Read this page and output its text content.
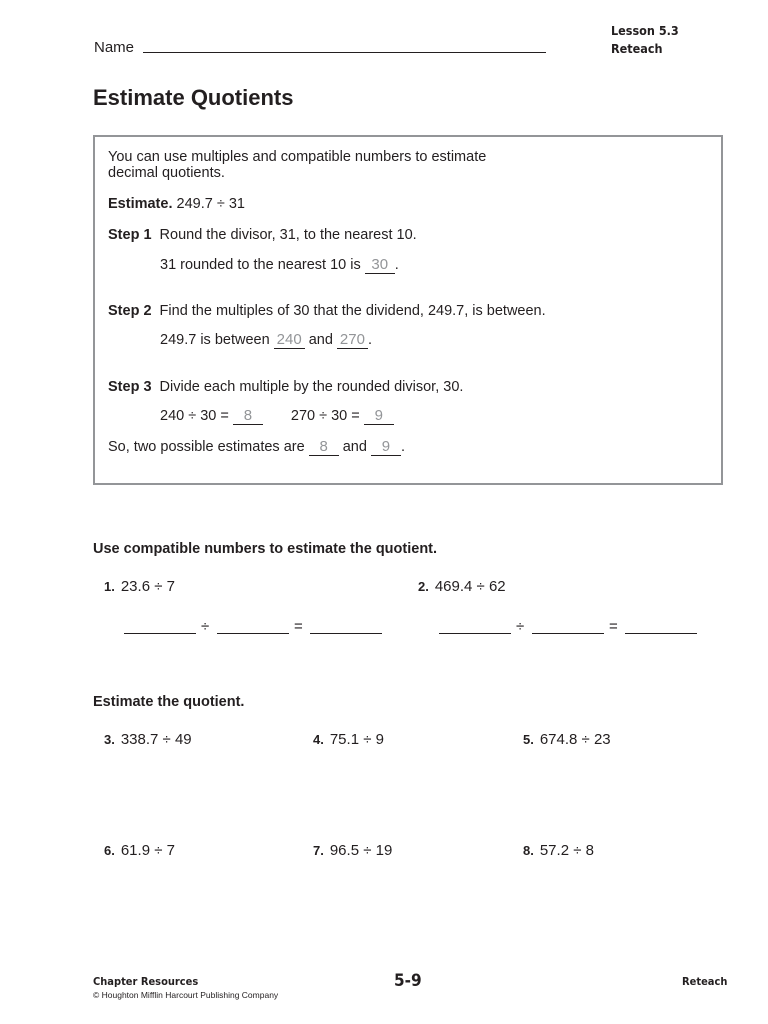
Lesson 5.3
Reteach
Name
Estimate Quotients
You can use multiples and compatible numbers to estimate
decimal quotients.
Estimate. 249.7 ÷ 31
Step 1 Round the divisor, 31, to the nearest 10.
31 rounded to the nearest 10 is 30 .
Step 2 Find the multiples of 30 that the dividend, 249.7, is between.
249.7 is between 240 and 270 .
Step 3 Divide each multiple by the rounded divisor, 30.
240 ÷ 30 = 8	270 ÷ 30 = 9
So, two possible estimates are 8 and 9 .
Use compatible numbers to estimate the quotient.
1. 23.6 ÷ 7	2. 469.4 ÷ 62
÷	=	÷	=
Estimate the quotient.
3. 338.7 ÷ 49	4. 75.1 ÷ 9	5. 674.8 ÷ 23
6. 61.9 ÷ 7	7. 96.5 ÷ 19	8. 57.2 ÷ 8
Chapter Resources
© Houghton Mifflin Harcourt Publishing Company
5-9	Reteach
